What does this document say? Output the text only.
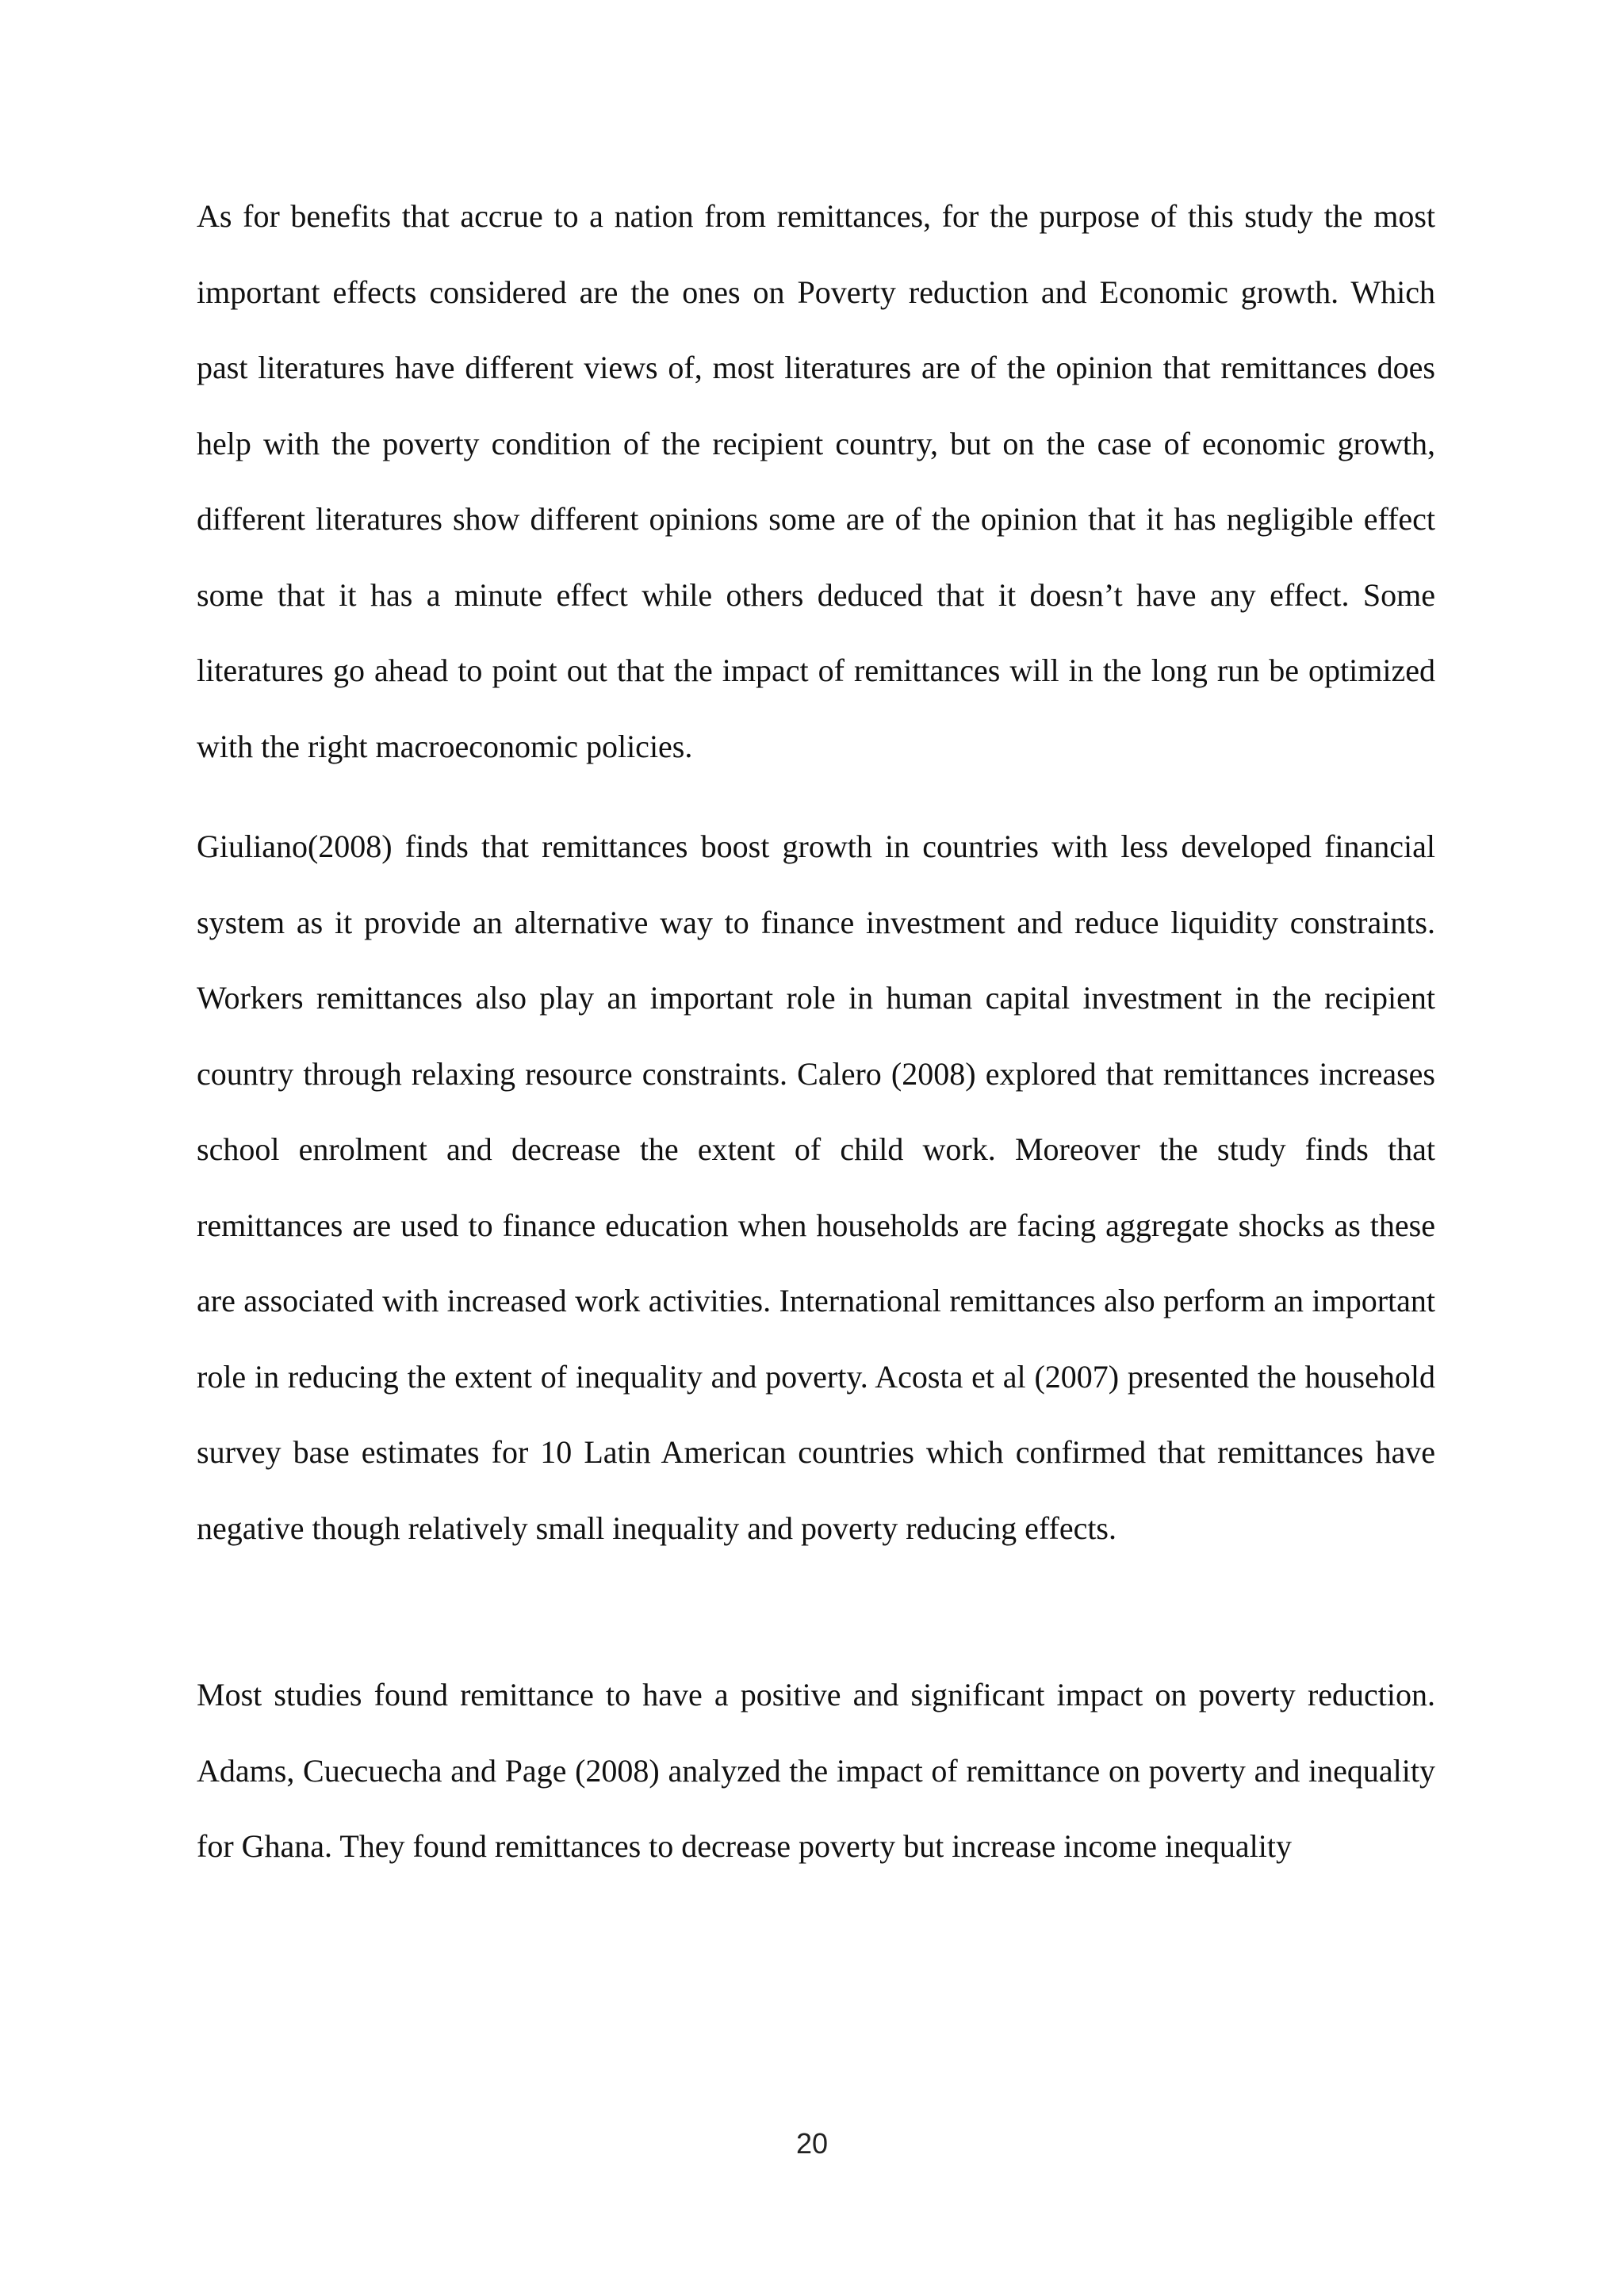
As for benefits that accrue to a nation from remittances, for the purpose of this study the most important effects considered are the ones on Poverty reduction and Economic growth. Which past literatures have different views of, most literatures are of the opinion that remittances does help with the poverty condition of the recipient country, but on the case of economic growth, different literatures show different opinions some are of the opinion that it has negligible effect some that it has a minute effect while others deduced that it doesn’t have any effect. Some literatures go ahead to point out that the impact of remittances will in the long run be optimized with the right macroeconomic policies.

Giuliano(2008) finds that remittances boost growth in countries with less developed financial system as it provide an alternative way to finance investment and reduce liquidity constraints. Workers remittances also play an important role in human capital investment in the recipient country through relaxing resource constraints. Calero (2008) explored that remittances increases school enrolment and decrease the extent of child work. Moreover the study finds that remittances are used to finance education when households are facing aggregate shocks as these are associated with increased work activities. International remittances also perform an important role in reducing the extent of inequality and poverty. Acosta et al (2007) presented the household survey base estimates for 10 Latin American countries which confirmed that remittances have negative though relatively small inequality and poverty reducing effects.

Most studies found remittance to have a positive and significant impact on poverty reduction. Adams, Cuecuecha and Page (2008) analyzed the impact of remittance on poverty and inequality for Ghana. They found remittances to decrease poverty but increase income inequality

20
